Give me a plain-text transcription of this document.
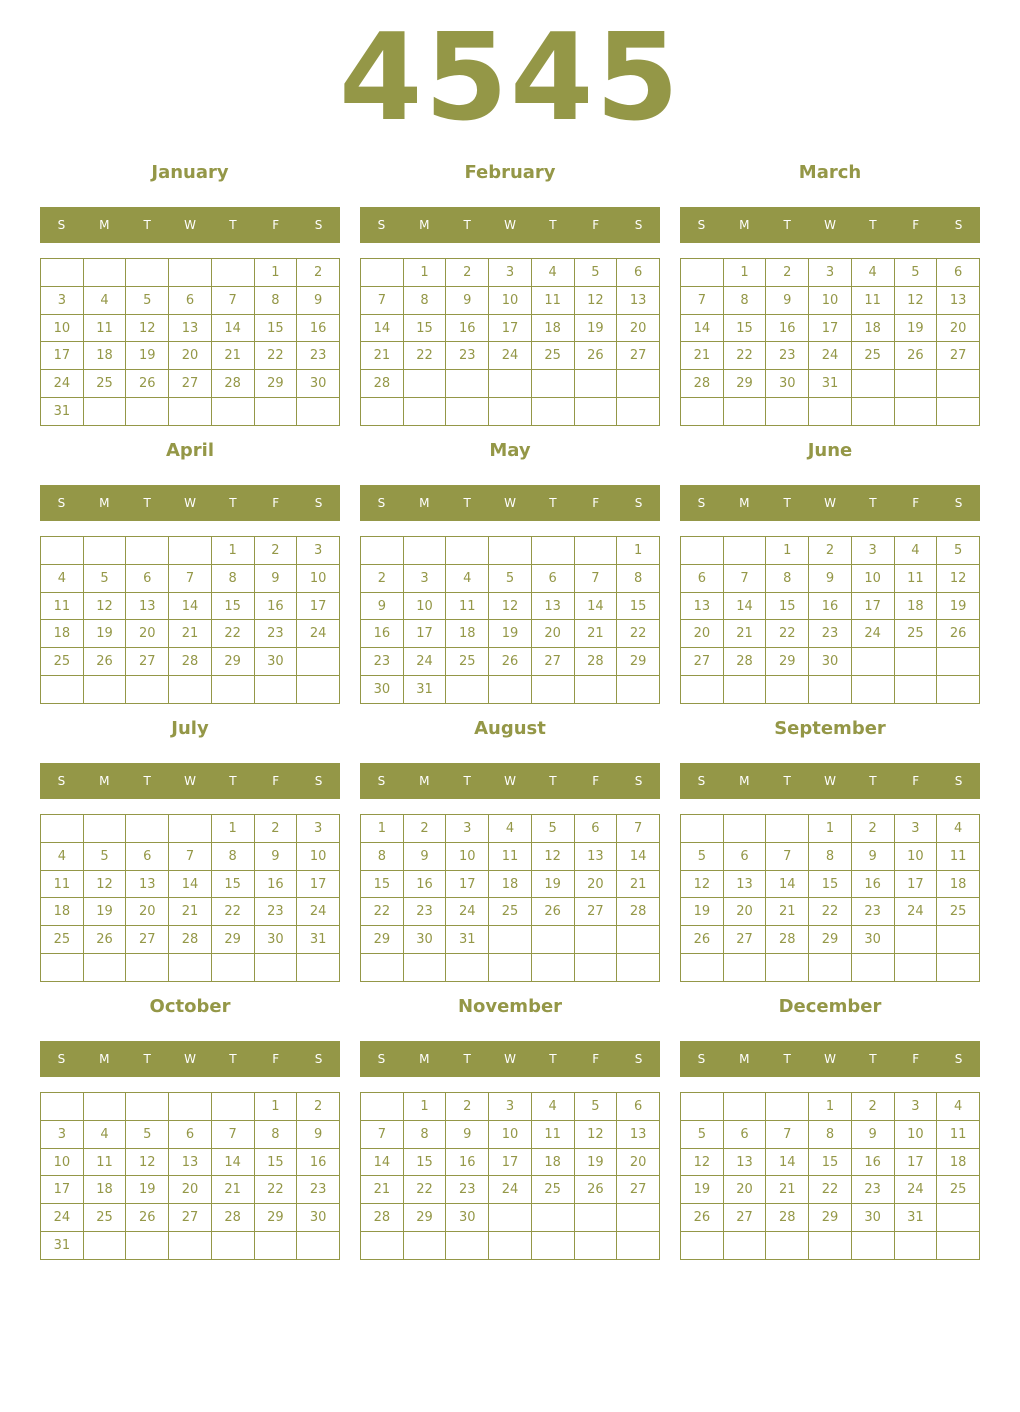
4545
January
S	M	T	W	T	F	S
					1	2
3	4	5	6	7	8	9
10	11	12	13	14	15	16
17	18	19	20	21	22	23
24	25	26	27	28	29	30
31						
February
S	M	T	W	T	F	S
	1	2	3	4	5	6
7	8	9	10	11	12	13
14	15	16	17	18	19	20
21	22	23	24	25	26	27
28						

March
S	M	T	W	T	F	S
	1	2	3	4	5	6
7	8	9	10	11	12	13
14	15	16	17	18	19	20
21	22	23	24	25	26	27
28	29	30	31			

April
S	M	T	W	T	F	S
				1	2	3
4	5	6	7	8	9	10
11	12	13	14	15	16	17
18	19	20	21	22	23	24
25	26	27	28	29	30	

May
S	M	T	W	T	F	S
						1
2	3	4	5	6	7	8
9	10	11	12	13	14	15
16	17	18	19	20	21	22
23	24	25	26	27	28	29
30	31					
June
S	M	T	W	T	F	S
		1	2	3	4	5
6	7	8	9	10	11	12
13	14	15	16	17	18	19
20	21	22	23	24	25	26
27	28	29	30			

July
S	M	T	W	T	F	S
				1	2	3
4	5	6	7	8	9	10
11	12	13	14	15	16	17
18	19	20	21	22	23	24
25	26	27	28	29	30	31

August
S	M	T	W	T	F	S
1	2	3	4	5	6	7
8	9	10	11	12	13	14
15	16	17	18	19	20	21
22	23	24	25	26	27	28
29	30	31				

September
S	M	T	W	T	F	S
			1	2	3	4
5	6	7	8	9	10	11
12	13	14	15	16	17	18
19	20	21	22	23	24	25
26	27	28	29	30		

October
S	M	T	W	T	F	S
					1	2
3	4	5	6	7	8	9
10	11	12	13	14	15	16
17	18	19	20	21	22	23
24	25	26	27	28	29	30
31						
November
S	M	T	W	T	F	S
	1	2	3	4	5	6
7	8	9	10	11	12	13
14	15	16	17	18	19	20
21	22	23	24	25	26	27
28	29	30				

December
S	M	T	W	T	F	S
			1	2	3	4
5	6	7	8	9	10	11
12	13	14	15	16	17	18
19	20	21	22	23	24	25
26	27	28	29	30	31	
